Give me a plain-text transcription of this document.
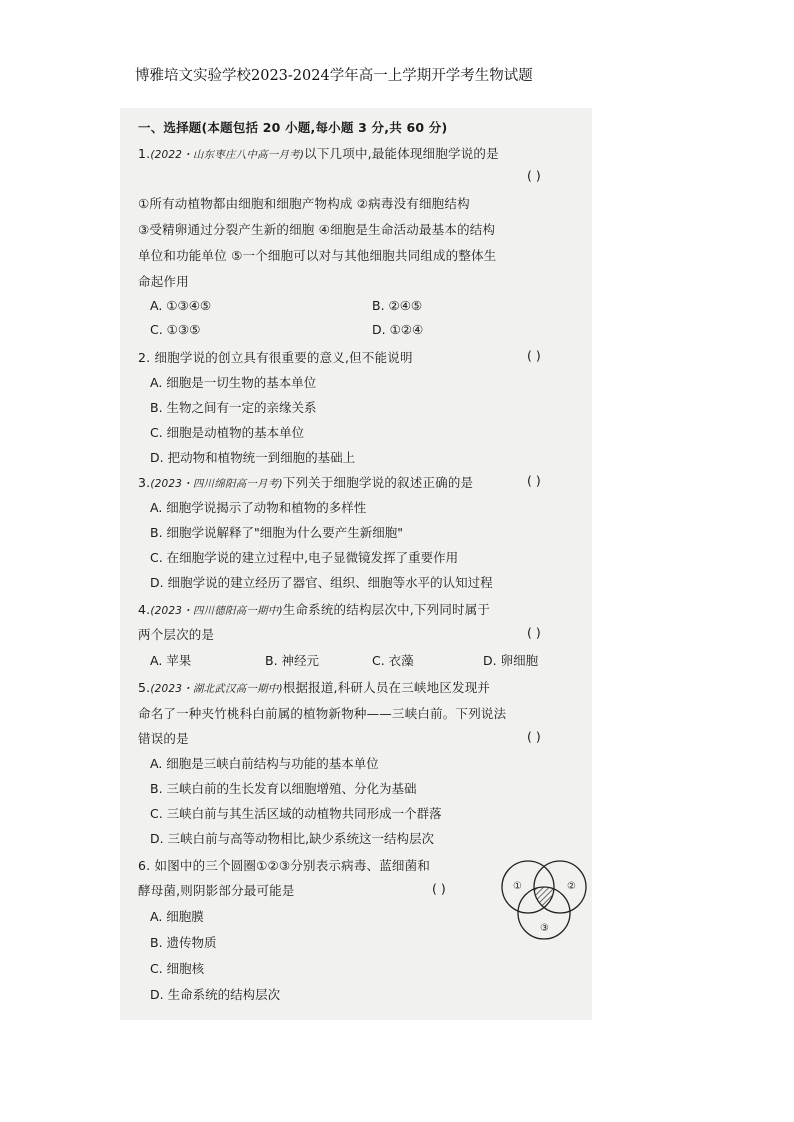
博雅培文实验学校2023-2024学年高一上学期开学考生物试题
一、选择题(本题包括 20 小题,每小题 3 分,共 60 分)
1.(2022・山东枣庄八中高一月考)以下几项中,最能体现细胞学说的是
( )
①所有动植物都由细胞和细胞产物构成 ②病毒没有细胞结构
③受精卵通过分裂产生新的细胞 ④细胞是生命活动最基本的结构
单位和功能单位 ⑤一个细胞可以对与其他细胞共同组成的整体生
命起作用
A. ①③④⑤	B. ②④⑤
C. ①③⑤	D. ①②④
2. 细胞学说的创立具有很重要的意义,但不能说明	( )
A. 细胞是一切生物的基本单位
B. 生物之间有一定的亲缘关系
C. 细胞是动植物的基本单位
D. 把动物和植物统一到细胞的基础上
3.(2023・四川绵阳高一月考)下列关于细胞学说的叙述正确的是	( )
A. 细胞学说揭示了动物和植物的多样性
B. 细胞学说解释了"细胞为什么要产生新细胞"
C. 在细胞学说的建立过程中,电子显微镜发挥了重要作用
D. 细胞学说的建立经历了器官、组织、细胞等水平的认知过程
4.(2023・四川德阳高一期中)生命系统的结构层次中,下列同时属于
两个层次的是	( )
A. 苹果	B. 神经元	C. 衣藻	D. 卵细胞
5.(2023・湖北武汉高一期中)根据报道,科研人员在三峡地区发现并
命名了一种夹竹桃科白前属的植物新物种——三峡白前。下列说法
错误的是	( )
A. 细胞是三峡白前结构与功能的基本单位
B. 三峡白前的生长发育以细胞增殖、分化为基础
C. 三峡白前与其生活区域的动植物共同形成一个群落
D. 三峡白前与高等动物相比,缺少系统这一结构层次
6. 如图中的三个圆圈①②③分别表示病毒、蓝细菌和
酵母菌,则阴影部分最可能是	( )
A. 细胞膜
B. 遗传物质
C. 细胞核
D. 生命系统的结构层次
①	②
③
